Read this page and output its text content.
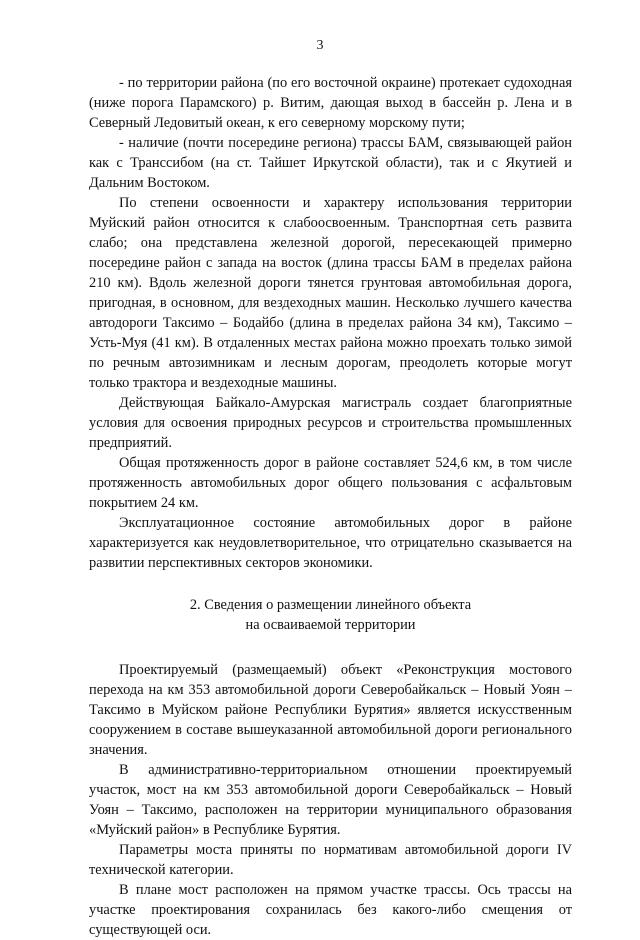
3

- по территории района (по его восточной окраине) протекает судоходная (ниже порога Парамского) р. Витим, дающая выход в бассейн р. Лена и в Северный Ледовитый океан, к его северному морскому пути;

- наличие (почти посередине региона) трассы БАМ, связывающей район как с Транссибом (на ст. Тайшет Иркутской области), так и с Якутией и Дальним Востоком.

По степени освоенности и характеру использования территории Муйский район относится к слабоосвоенным. Транспортная сеть развита слабо; она представлена железной дорогой, пересекающей примерно посередине район с запада на восток (длина трассы БАМ в пределах района 210 км). Вдоль железной дороги тянется грунтовая автомобильная дорога, пригодная, в основном, для вездеходных машин. Несколько лучшего качества автодороги Таксимо – Бодайбо (длина в пределах района 34 км), Таксимо – Усть-Муя (41 км). В отдаленных местах района можно проехать только зимой по речным автозимникам и лесным дорогам, преодолеть которые могут только трактора и вездеходные машины.

Действующая Байкало-Амурская магистраль создает благоприятные условия для освоения природных ресурсов и строительства промышленных предприятий.

Общая протяженность дорог в районе составляет 524,6 км, в том числе протяженность автомобильных дорог общего пользования с асфальтовым покрытием 24 км.

Эксплуатационное состояние автомобильных дорог в районе характеризуется как неудовлетворительное, что отрицательно сказывается на развитии перспективных секторов экономики.

2. Сведения о размещении линейного объекта
на осваиваемой территории

Проектируемый (размещаемый) объект «Реконструкция мостового перехода на км 353 автомобильной дороги Северобайкальск – Новый Уоян – Таксимо в Муйском районе Республики Бурятия» является искусственным сооружением в составе вышеуказанной автомобильной дороги регионального значения.

В административно-территориальном отношении проектируемый участок, мост на км 353 автомобильной дороги Северобайкальск – Новый Уоян – Таксимо, расположен на территории муниципального образования «Муйский район» в Республике Бурятия.

Параметры моста приняты по нормативам автомобильной дороги IV технической категории.

В плане мост расположен на прямом участке трассы. Ось трассы на участке проектирования сохранилась без какого-либо смещения от существующей оси.
